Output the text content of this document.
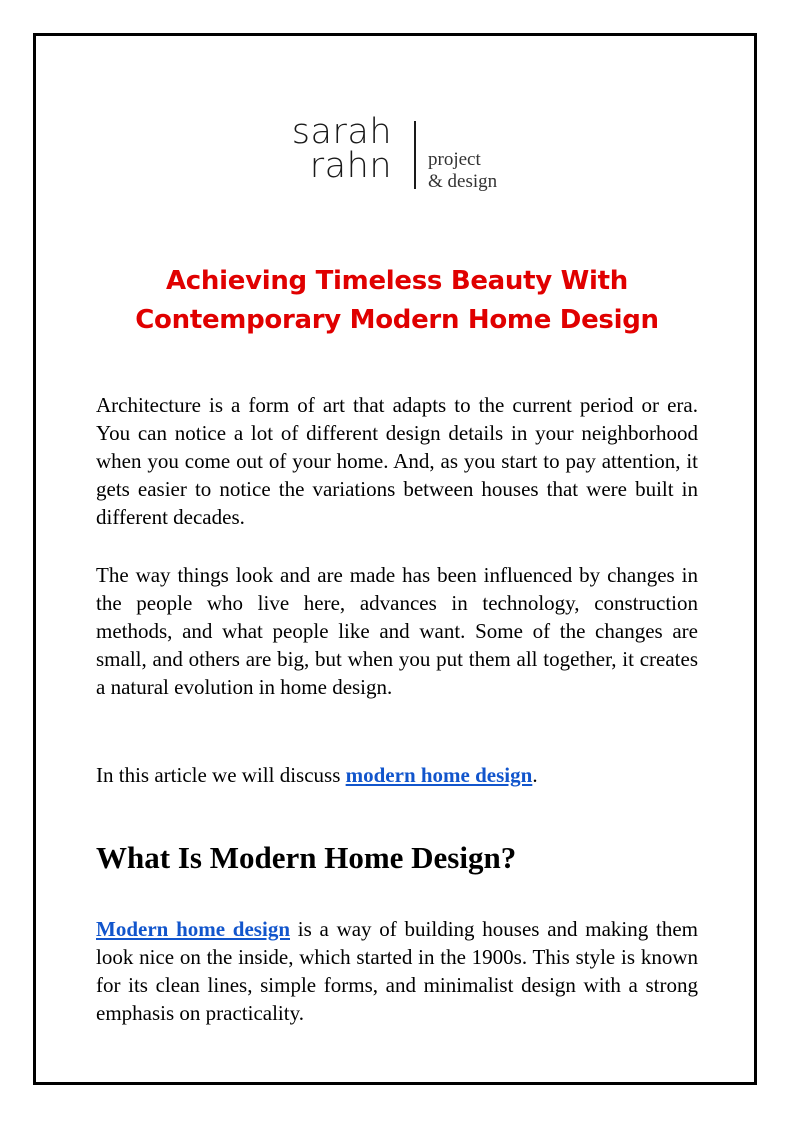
sarah
rahn project
& design
Achieving Timeless Beauty With
Contemporary Modern Home Design

Architecture is a form of art that adapts to the current period or era. You can notice a lot of different design details in your neighborhood when you come out of your home. And, as you start to pay attention, it gets easier to notice the variations between houses that were built in different decades.

The way things look and are made has been influenced by changes in the people who live here, advances in technology, construction methods, and what people like and want. Some of the changes are small, and others are big, but when you put them all together, it creates a natural evolution in home design.

In this article we will discuss modern home design.

What Is Modern Home Design?

Modern home design is a way of building houses and making them look nice on the inside, which started in the 1900s. This style is known for its clean lines, simple forms, and minimalist design with a strong emphasis on practicality.
